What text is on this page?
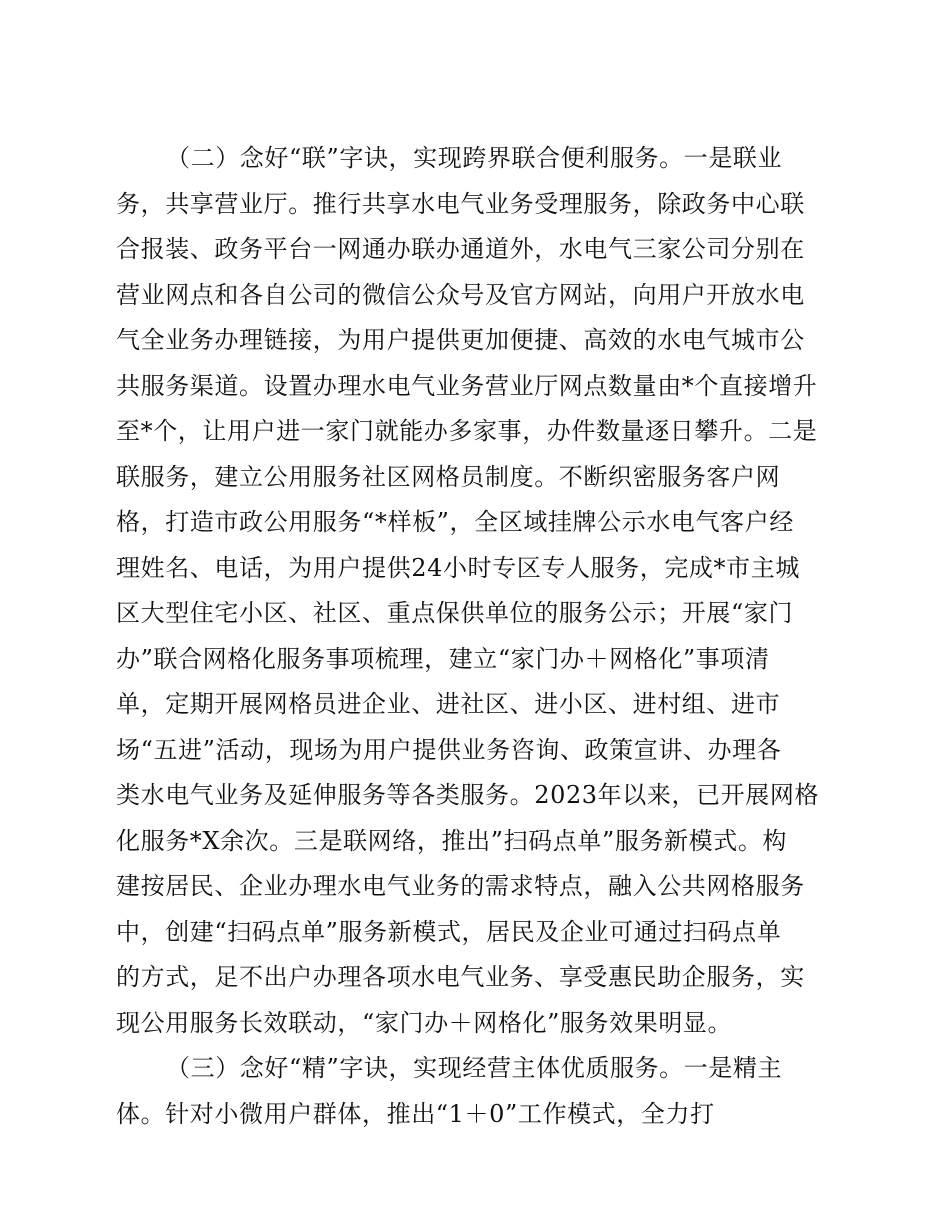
（二）念好“联”字诀，实现跨界联合便利服务。一是联业
务，共享营业厅。推行共享水电气业务受理服务，除政务中心联
合报装、政务平台一网通办联办通道外，水电气三家公司分别在
营业网点和各自公司的微信公众号及官方网站，向用户开放水电
气全业务办理链接，为用户提供更加便捷、高效的水电气城市公
共服务渠道。设置办理水电气业务营业厅网点数量由*个直接增升
至*个，让用户进一家门就能办多家事，办件数量逐日攀升。二是
联服务，建立公用服务社区网格员制度。不断织密服务客户网
格，打造市政公用服务“*样板”，全区域挂牌公示水电气客户经
理姓名、电话，为用户提供24小时专区专人服务，完成*市主城
区大型住宅小区、社区、重点保供单位的服务公示；开展“家门
办”联合网格化服务事项梳理，建立“家门办＋网格化”事项清
单，定期开展网格员进企业、进社区、进小区、进村组、进市
场“五进”活动，现场为用户提供业务咨询、政策宣讲、办理各
类水电气业务及延伸服务等各类服务。2023年以来，已开展网格
化服务*X余次。三是联网络，推出”扫码点单”服务新模式。构
建按居民、企业办理水电气业务的需求特点，融入公共网格服务
中，创建“扫码点单”服务新模式，居民及企业可通过扫码点单
的方式，足不出户办理各项水电气业务、享受惠民助企服务，实
现公用服务长效联动，“家门办＋网格化”服务效果明显。
（三）念好“精”字诀，实现经营主体优质服务。一是精主
体。针对小微用户群体，推出“1＋0”工作模式，全力打
